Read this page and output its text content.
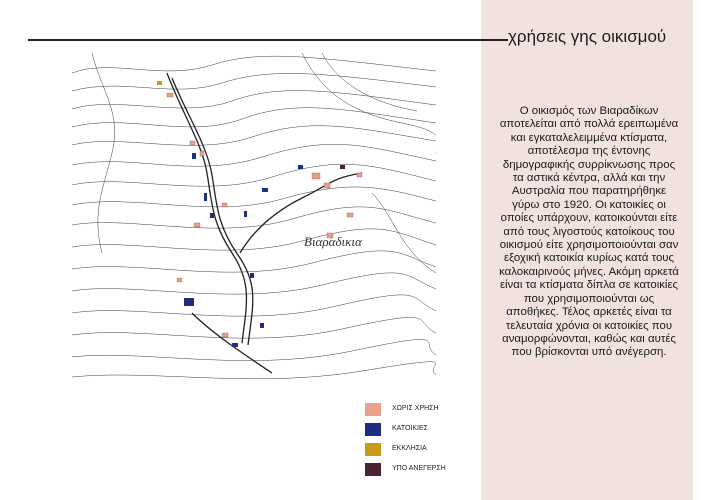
χρήσεις γης οικισμού
Ο οικισμός των Βιαραδίκων αποτελείται από πολλά ερειπωμένα και εγκαταλελειμμένα κτίσματα, αποτέλεσμα της έντονης δημογραφικής συρρίκνωσης προς τα αστικά κέντρα, αλλά και την Αυστραλία που παρατηρήθηκε γύρω στο 1920. Οι κατοικίες οι οποίες υπάρχουν, κατοικούνται είτε από τους λιγοστούς κατοίκους του οικισμού είτε χρησιμοποιούνται σαν εξοχική κατοικία κυρίως κατά τους καλοκαιρινούς μήνες. Ακόμη αρκετά είναι τα κτίσματα δίπλα σε κατοικίες που χρησιμοποιούνται ως αποθήκες. Τέλος αρκετές είναι τα τελευταία χρόνια οι κατοικίες που αναμορφώνονται, καθώς και αυτές που βρίσκονται υπό ανέγερση.
Βιαραδικια
ΧΩΡΙΣ ΧΡΗΣΗ
ΚΑΤΟΙΚΙΕΣ
ΕΚΚΛΗΣΙΑ
ΥΠΟ ΑΝΕΓΕΡΣΗ
